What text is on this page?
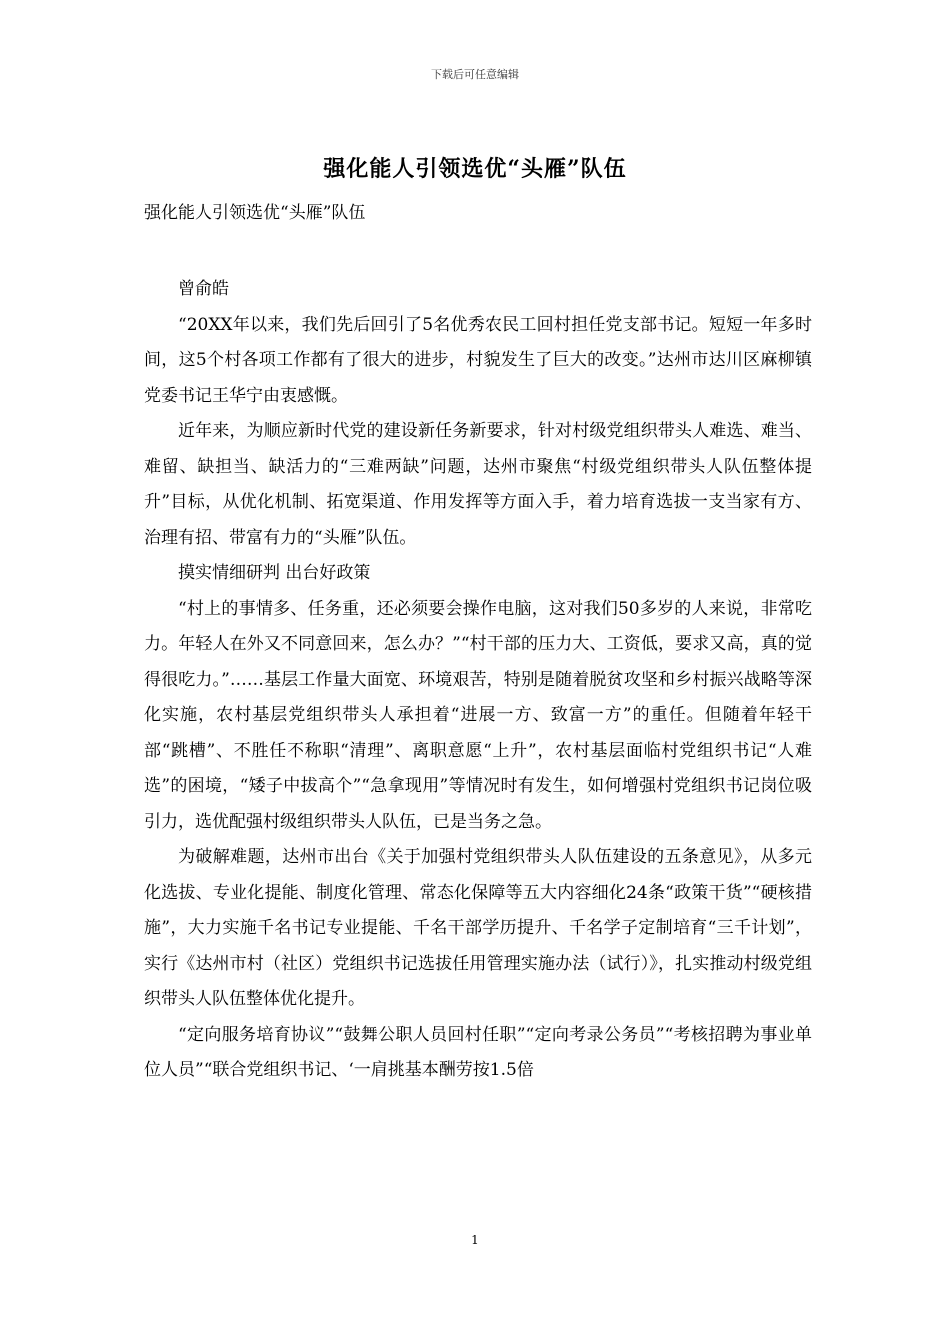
下载后可任意编辑
强化能人引领选优“头雁”队伍
强化能人引领选优“头雁”队伍

曾俞皓

“20XX年以来，我们先后回引了5名优秀农民工回村担任党支部书记。短短一年多时间，这5个村各项工作都有了很大的进步，村貌发生了巨大的改变。”达州市达川区麻柳镇党委书记王华宁由衷感慨。

近年来，为顺应新时代党的建设新任务新要求，针对村级党组织带头人难选、难当、难留、缺担当、缺活力的“三难两缺”问题，达州市聚焦“村级党组织带头人队伍整体提升”目标，从优化机制、拓宽渠道、作用发挥等方面入手，着力培育选拔一支当家有方、治理有招、带富有力的“头雁”队伍。

摸实情细研判 出台好政策

“村上的事情多、任务重，还必须要会操作电脑，这对我们50多岁的人来说，非常吃力。年轻人在外又不同意回来，怎么办？”“村干部的压力大、工资低，要求又高，真的觉得很吃力。”……基层工作量大面宽、环境艰苦，特别是随着脱贫攻坚和乡村振兴战略等深化实施，农村基层党组织带头人承担着“进展一方、致富一方”的重任。但随着年轻干部“跳槽”、不胜任不称职“清理”、离职意愿“上升”，农村基层面临村党组织书记“人难选”的困境，“矮子中拔高个”“急拿现用”等情况时有发生，如何增强村党组织书记岗位吸引力，选优配强村级组织带头人队伍，已是当务之急。

为破解难题，达州市出台《关于加强村党组织带头人队伍建设的五条意见》，从多元化选拔、专业化提能、制度化管理、常态化保障等五大内容细化24条“政策干货”“硬核措施”，大力实施千名书记专业提能、千名干部学历提升、千名学子定制培育“三千计划”，实行《达州市村（社区）党组织书记选拔任用管理实施办法（试行）》，扎实推动村级党组织带头人队伍整体优化提升。

“定向服务培育协议”“鼓舞公职人员回村任职”“定向考录公务员”“考核招聘为事业单位人员”“联合党组织书记、‘一肩挑基本酬劳按1.5倍

1
